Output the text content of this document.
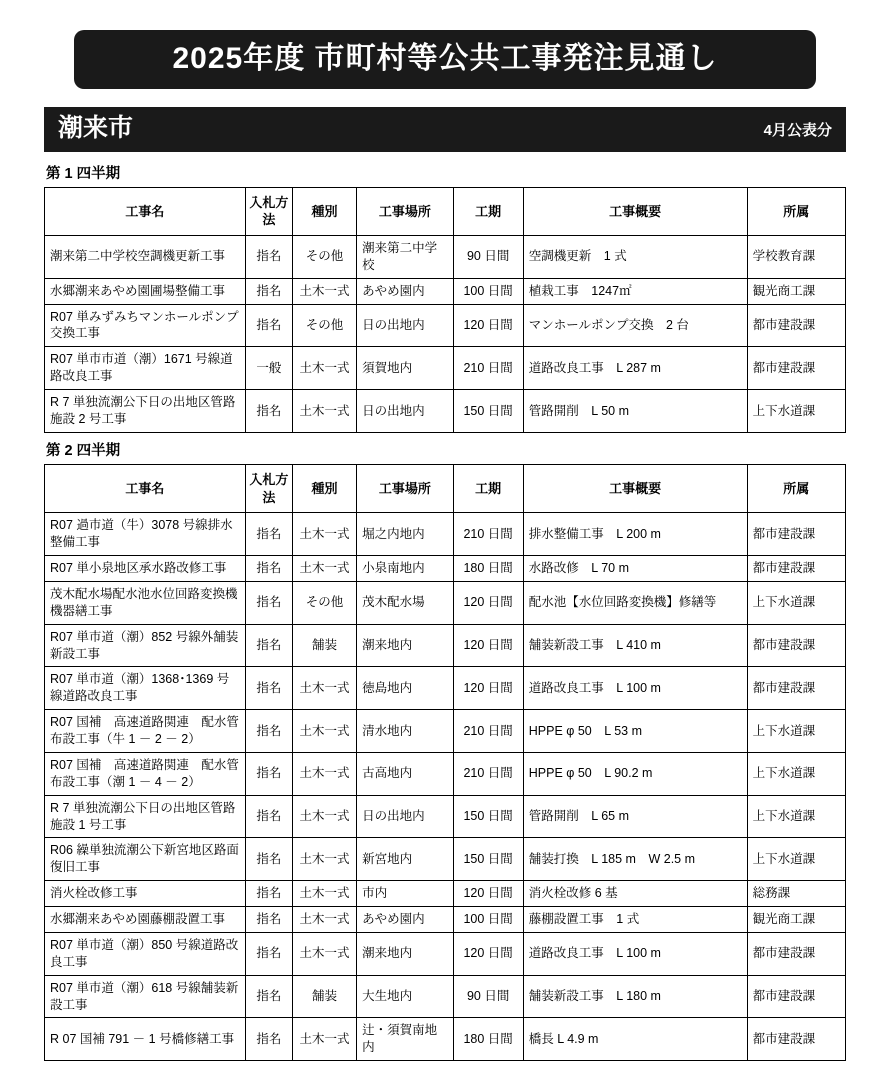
2025年度 市町村等公共工事発注見通し
潮来市	4月公表分
第 1 四半期
工事名	入札方法	種別	工事場所	工期	工事概要	所属
潮来第二中学校空調機更新工事	指名	その他	潮来第二中学校	90 日間	空調機更新　1 式	学校教育課
水郷潮来あやめ園圃場整備工事	指名	土木一式	あやめ園内	100 日間	植栽工事　1247㎡	観光商工課
R07 単みずみちマンホールポンプ交換工事	指名	その他	日の出地内	120 日間	マンホールポンプ交換　2 台	都市建設課
R07 単市市道（潮）1671 号線道路改良工事	一般	土木一式	須賀地内	210 日間	道路改良工事　L 287 m	都市建設課
R 7 単独流潮公下日の出地区管路施設 2 号工事	指名	土木一式	日の出地内	150 日間	管路開削　L 50 m	上下水道課
第 2 四半期
工事名	入札方法	種別	工事場所	工期	工事概要	所属
R07 過市道（牛）3078 号線排水整備工事	指名	土木一式	堀之内地内	210 日間	排水整備工事　L 200 m	都市建設課
R07 単小泉地区承水路改修工事	指名	土木一式	小泉南地内	180 日間	水路改修　L 70 m	都市建設課
茂木配水場配水池水位回路変換機機器繕工事	指名	その他	茂木配水場	120 日間	配水池【水位回路変換機】修繕等	上下水道課
R07 単市道（潮）852 号線外舗装新設工事	指名	舗装	潮来地内	120 日間	舗装新設工事　L 410 m	都市建設課
R07 単市道（潮）1368･1369 号線道路改良工事	指名	土木一式	徳島地内	120 日間	道路改良工事　L 100 m	都市建設課
R07 国補　高速道路関連　配水管布設工事（牛 1 － 2 － 2）	指名	土木一式	清水地内	210 日間	HPPE φ 50　L 53 m	上下水道課
R07 国補　高速道路関連　配水管布設工事（潮 1 － 4 － 2）	指名	土木一式	古高地内	210 日間	HPPE φ 50　L 90.2 m	上下水道課
R 7 単独流潮公下日の出地区管路施設 1 号工事	指名	土木一式	日の出地内	150 日間	管路開削　L 65 m	上下水道課
R06 繰単独流潮公下新宮地区路面復旧工事	指名	土木一式	新宮地内	150 日間	舗装打換　L 185 m　W 2.5 m	上下水道課
消火栓改修工事	指名	土木一式	市内	120 日間	消火栓改修 6 基	総務課
水郷潮来あやめ園藤棚設置工事	指名	土木一式	あやめ園内	100 日間	藤棚設置工事　1 式	観光商工課
R07 単市道（潮）850 号線道路改良工事	指名	土木一式	潮来地内	120 日間	道路改良工事　L 100 m	都市建設課
R07 単市道（潮）618 号線舗装新設工事	指名	舗装	大生地内	90 日間	舗装新設工事　L 180 m	都市建設課
R 07 国補 791 － 1 号橋修繕工事	指名	土木一式	辻・須賀南地内	180 日間	橋長 L 4.9 m	都市建設課
